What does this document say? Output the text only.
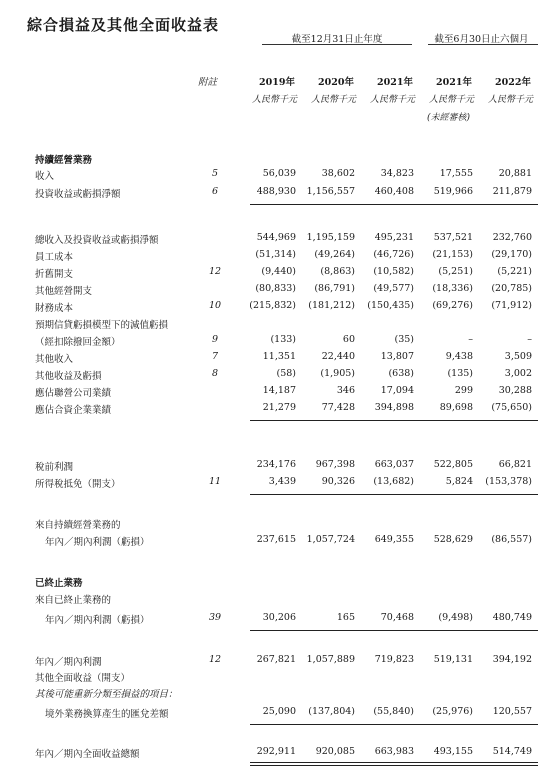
綜合損益及其他全面收益表
截至12月31日止年度	截至6月30日止六個月
附註	2019年	2020年	2021年	2021年	2022年
人民幣千元	人民幣千元	人民幣千元	人民幣千元	人民幣千元
(未經審核)
持續經營業務
收入	5	56,039	38,602	34,823	17,555	20,881
投資收益或虧損淨額	6	488,930	1,156,557	460,408	519,966	211,879
總收入及投資收益或虧損淨額	544,969	1,195,159	495,231	537,521	232,760
員工成本	(51,314)	(49,264)	(46,726)	(21,153)	(29,170)
折舊開支	12	(9,440)	(8,863)	(10,582)	(5,251)	(5,221)
其他經營開支	(80,833)	(86,791)	(49,577)	(18,336)	(20,785)
財務成本	10	(215,832)	(181,212)	(150,435)	(69,276)	(71,912)
預期信貸虧損模型下的減值虧損
（經扣除撥回金額）	9	(133)	60	(35)	–	–
其他收入	7	11,351	22,440	13,807	9,438	3,509
其他收益及虧損	8	(58)	(1,905)	(638)	(135)	3,002
應佔聯營公司業績	14,187	346	17,094	299	30,288
應佔合資企業業績	21,279	77,428	394,898	89,698	(75,650)
稅前利潤	234,176	967,398	663,037	522,805	66,821
所得稅抵免（開支）	11	3,439	90,326	(13,682)	5,824	(153,378)
來自持續經營業務的
年內／期內利潤（虧損）	237,615	1,057,724	649,355	528,629	(86,557)
已終止業務
來自已終止業務的
年內／期內利潤（虧損）	39	30,206	165	70,468	(9,498)	480,749
年內／期內利潤	12	267,821	1,057,889	719,823	519,131	394,192
其他全面收益（開支）
其後可能重新分類至損益的項目：
境外業務換算產生的匯兌差額	25,090	(137,804)	(55,840)	(25,976)	120,557
年內／期內全面收益總額	292,911	920,085	663,983	493,155	514,749
